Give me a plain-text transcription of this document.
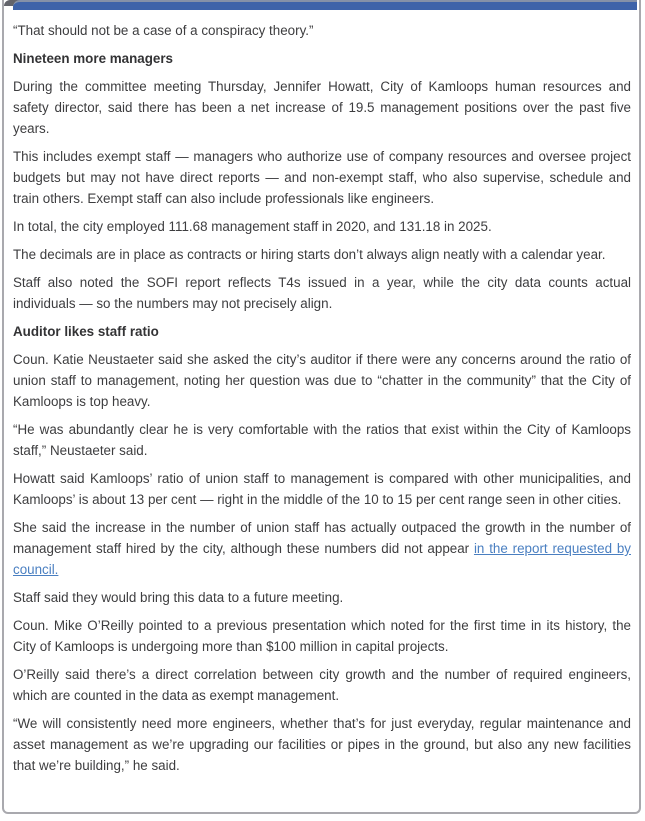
“That should not be a case of a conspiracy theory.”

Nineteen more managers

During the committee meeting Thursday, Jennifer Howatt, City of Kamloops human resources and safety director, said there has been a net increase of 19.5 management positions over the past five years.

This includes exempt staff — managers who authorize use of company resources and oversee project budgets but may not have direct reports — and non-exempt staff, who also supervise, schedule and train others. Exempt staff can also include professionals like engineers.

In total, the city employed 111.68 management staff in 2020, and 131.18 in 2025.

The decimals are in place as contracts or hiring starts don’t always align neatly with a calendar year.

Staff also noted the SOFI report reflects T4s issued in a year, while the city data counts actual individuals — so the numbers may not precisely align.

Auditor likes staff ratio

Coun. Katie Neustaeter said she asked the city’s auditor if there were any concerns around the ratio of union staff to management, noting her question was due to “chatter in the community” that the City of Kamloops is top heavy.

“He was abundantly clear he is very comfortable with the ratios that exist within the City of Kamloops staff,” Neustaeter said.

Howatt said Kamloops’ ratio of union staff to management is compared with other municipalities, and Kamloops’ is about 13 per cent — right in the middle of the 10 to 15 per cent range seen in other cities.

She said the increase in the number of union staff has actually outpaced the growth in the number of management staff hired by the city, although these numbers did not appear in the report requested by council.

Staff said they would bring this data to a future meeting.

Coun. Mike O’Reilly pointed to a previous presentation which noted for the first time in its history, the City of Kamloops is undergoing more than $100 million in capital projects.

O’Reilly said there’s a direct correlation between city growth and the number of required engineers, which are counted in the data as exempt management.

“We will consistently need more engineers, whether that’s for just everyday, regular maintenance and asset management as we’re upgrading our facilities or pipes in the ground, but also any new facilities that we’re building,” he said.
